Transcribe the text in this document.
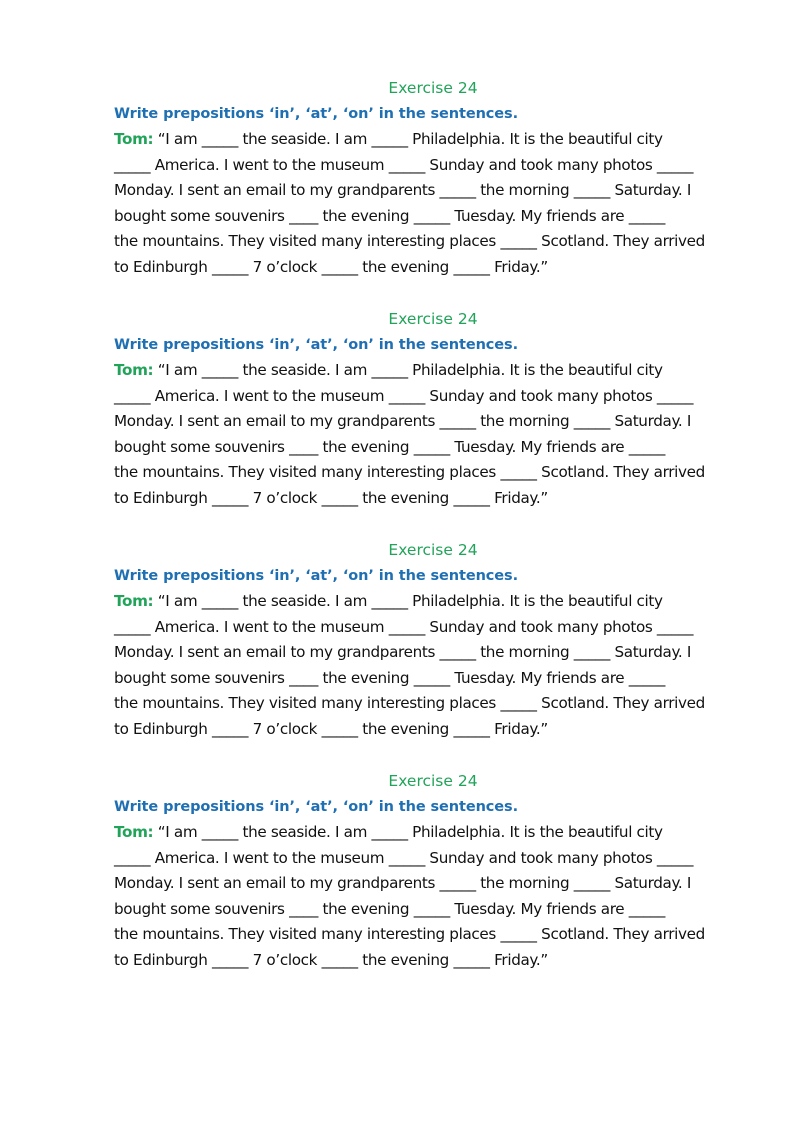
Exercise 24
Write prepositions ‘in’, ‘at’, ‘on’ in the sentences.
Tom: “I am _____ the seaside. I am _____ Philadelphia. It is the beautiful city
_____ America. I went to the museum _____ Sunday and took many photos _____
Monday. I sent an email to my grandparents _____ the morning _____ Saturday. I
bought some souvenirs ____ the evening _____ Tuesday. My friends are _____
the mountains. They visited many interesting places _____ Scotland. They arrived
to Edinburgh _____ 7 o’clock _____ the evening _____ Friday.”
Exercise 24
Write prepositions ‘in’, ‘at’, ‘on’ in the sentences.
Tom: “I am _____ the seaside. I am _____ Philadelphia. It is the beautiful city
_____ America. I went to the museum _____ Sunday and took many photos _____
Monday. I sent an email to my grandparents _____ the morning _____ Saturday. I
bought some souvenirs ____ the evening _____ Tuesday. My friends are _____
the mountains. They visited many interesting places _____ Scotland. They arrived
to Edinburgh _____ 7 o’clock _____ the evening _____ Friday.”
Exercise 24
Write prepositions ‘in’, ‘at’, ‘on’ in the sentences.
Tom: “I am _____ the seaside. I am _____ Philadelphia. It is the beautiful city
_____ America. I went to the museum _____ Sunday and took many photos _____
Monday. I sent an email to my grandparents _____ the morning _____ Saturday. I
bought some souvenirs ____ the evening _____ Tuesday. My friends are _____
the mountains. They visited many interesting places _____ Scotland. They arrived
to Edinburgh _____ 7 o’clock _____ the evening _____ Friday.”
Exercise 24
Write prepositions ‘in’, ‘at’, ‘on’ in the sentences.
Tom: “I am _____ the seaside. I am _____ Philadelphia. It is the beautiful city
_____ America. I went to the museum _____ Sunday and took many photos _____
Monday. I sent an email to my grandparents _____ the morning _____ Saturday. I
bought some souvenirs ____ the evening _____ Tuesday. My friends are _____
the mountains. They visited many interesting places _____ Scotland. They arrived
to Edinburgh _____ 7 o’clock _____ the evening _____ Friday.”
